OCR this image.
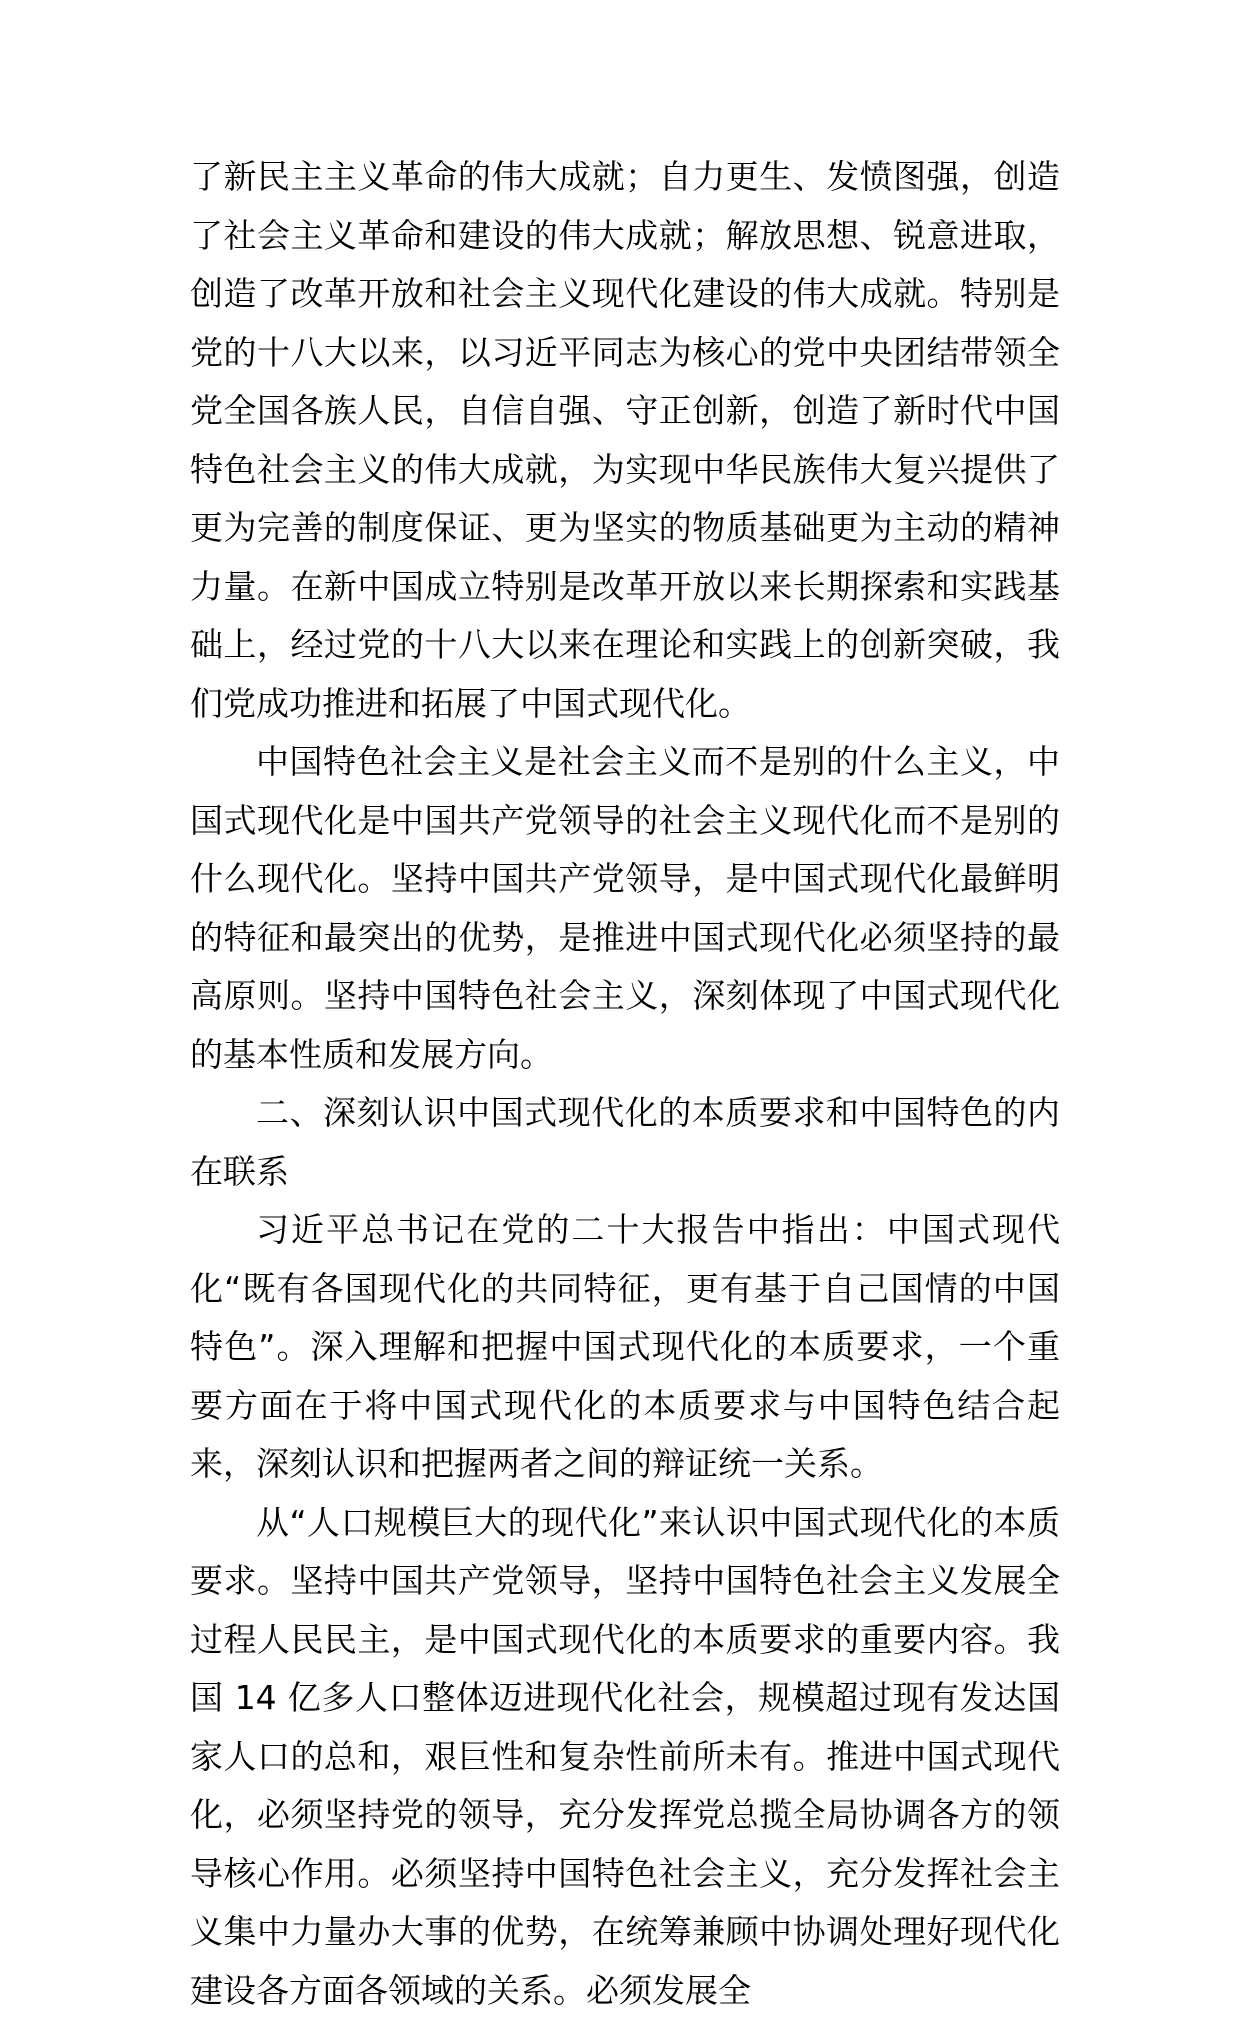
了新民主主义革命的伟大成就；自力更生、发愤图强，创造了社会主义革命和建设的伟大成就；解放思想、锐意进取，创造了改革开放和社会主义现代化建设的伟大成就。特别是党的十八大以来，以习近平同志为核心的党中央团结带领全党全国各族人民，自信自强、守正创新，创造了新时代中国特色社会主义的伟大成就，为实现中华民族伟大复兴提供了更为完善的制度保证、更为坚实的物质基础更为主动的精神力量。在新中国成立特别是改革开放以来长期探索和实践基础上，经过党的十八大以来在理论和实践上的创新突破，我们党成功推进和拓展了中国式现代化。

中国特色社会主义是社会主义而不是别的什么主义，中国式现代化是中国共产党领导的社会主义现代化而不是别的什么现代化。坚持中国共产党领导，是中国式现代化最鲜明的特征和最突出的优势，是推进中国式现代化必须坚持的最高原则。坚持中国特色社会主义，深刻体现了中国式现代化的基本性质和发展方向。

二、深刻认识中国式现代化的本质要求和中国特色的内在联系

习近平总书记在党的二十大报告中指出：中国式现代化“既有各国现代化的共同特征，更有基于自己国情的中国特色”。深入理解和把握中国式现代化的本质要求，一个重要方面在于将中国式现代化的本质要求与中国特色结合起来，深刻认识和把握两者之间的辩证统一关系。

从“人口规模巨大的现代化”来认识中国式现代化的本质要求。坚持中国共产党领导，坚持中国特色社会主义发展全过程人民民主，是中国式现代化的本质要求的重要内容。我国 14 亿多人口整体迈进现代化社会，规模超过现有发达国家人口的总和，艰巨性和复杂性前所未有。推进中国式现代化，必须坚持党的领导，充分发挥党总揽全局协调各方的领导核心作用。必须坚持中国特色社会主义，充分发挥社会主义集中力量办大事的优势，在统筹兼顾中协调处理好现代化建设各方面各领域的关系。必须发展全
